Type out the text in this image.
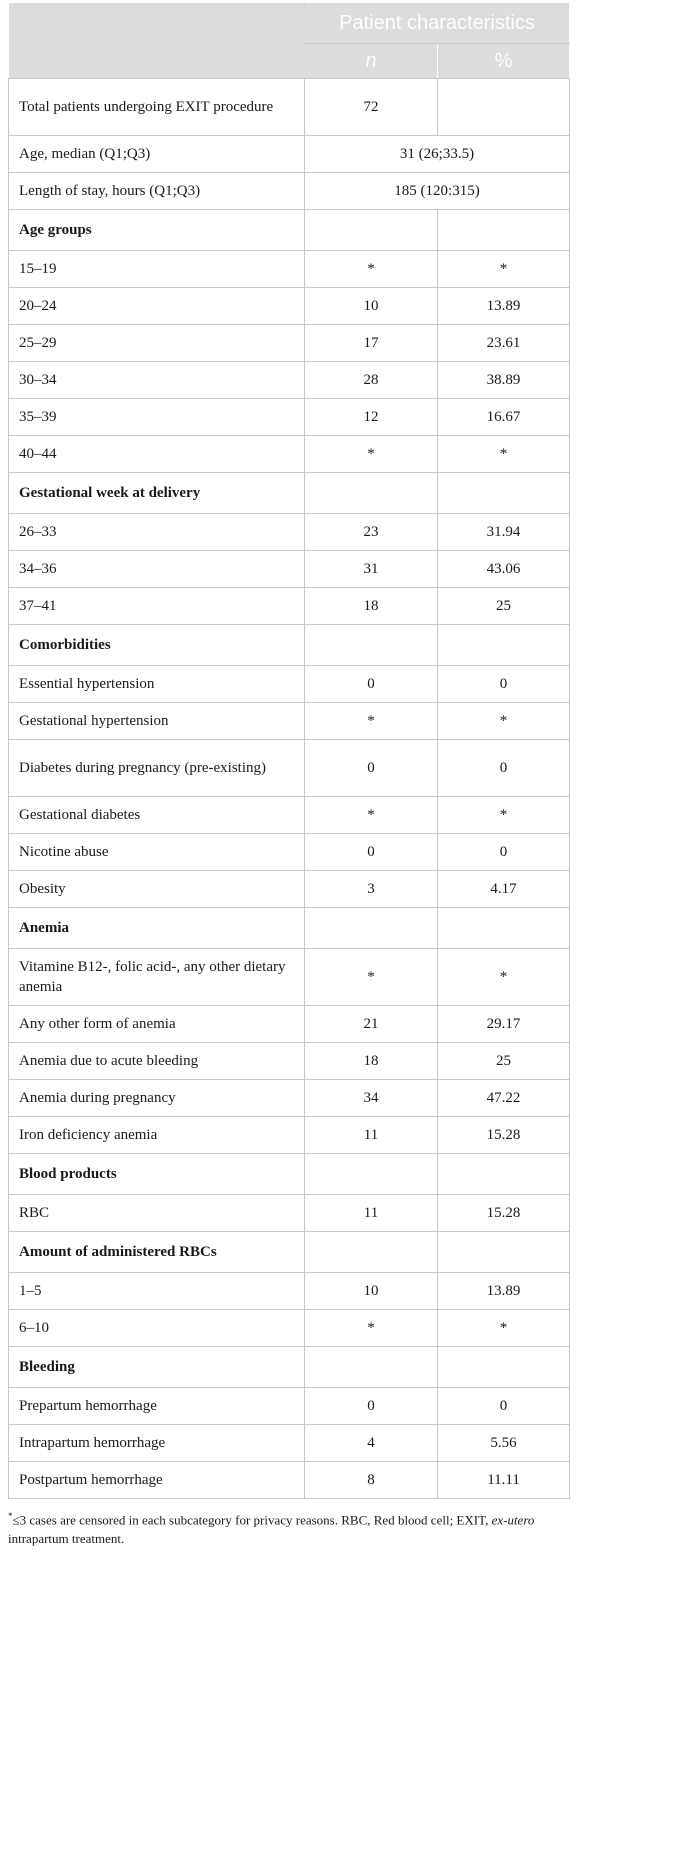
	Patient characteristics	
	n	%
Total patients undergoing EXIT procedure	72	
Age, median (Q1;Q3)	31 (26;33.5)	
Length of stay, hours (Q1;Q3)	185 (120:315)	
Age groups		
15–19	*	*
20–24	10	13.89
25–29	17	23.61
30–34	28	38.89
35–39	12	16.67
40–44	*	*
Gestational week at delivery		
26–33	23	31.94
34–36	31	43.06
37–41	18	25
Comorbidities		
Essential hypertension	0	0
Gestational hypertension	*	*
Diabetes during pregnancy (pre-existing)	0	0
Gestational diabetes	*	*
Nicotine abuse	0	0
Obesity	3	4.17
Anemia		
Vitamine B12-, folic acid-, any other dietary anemia	*	*
Any other form of anemia	21	29.17
Anemia due to acute bleeding	18	25
Anemia during pregnancy	34	47.22
Iron deficiency anemia	11	15.28
Blood products		
RBC	11	15.28
Amount of administered RBCs		
1–5	10	13.89
6–10	*	*
Bleeding		
Prepartum hemorrhage	0	0
Intrapartum hemorrhage	4	5.56
Postpartum hemorrhage	8	11.11
*≤3 cases are censored in each subcategory for privacy reasons. RBC, Red blood cell; EXIT, ex-utero intrapartum treatment.
